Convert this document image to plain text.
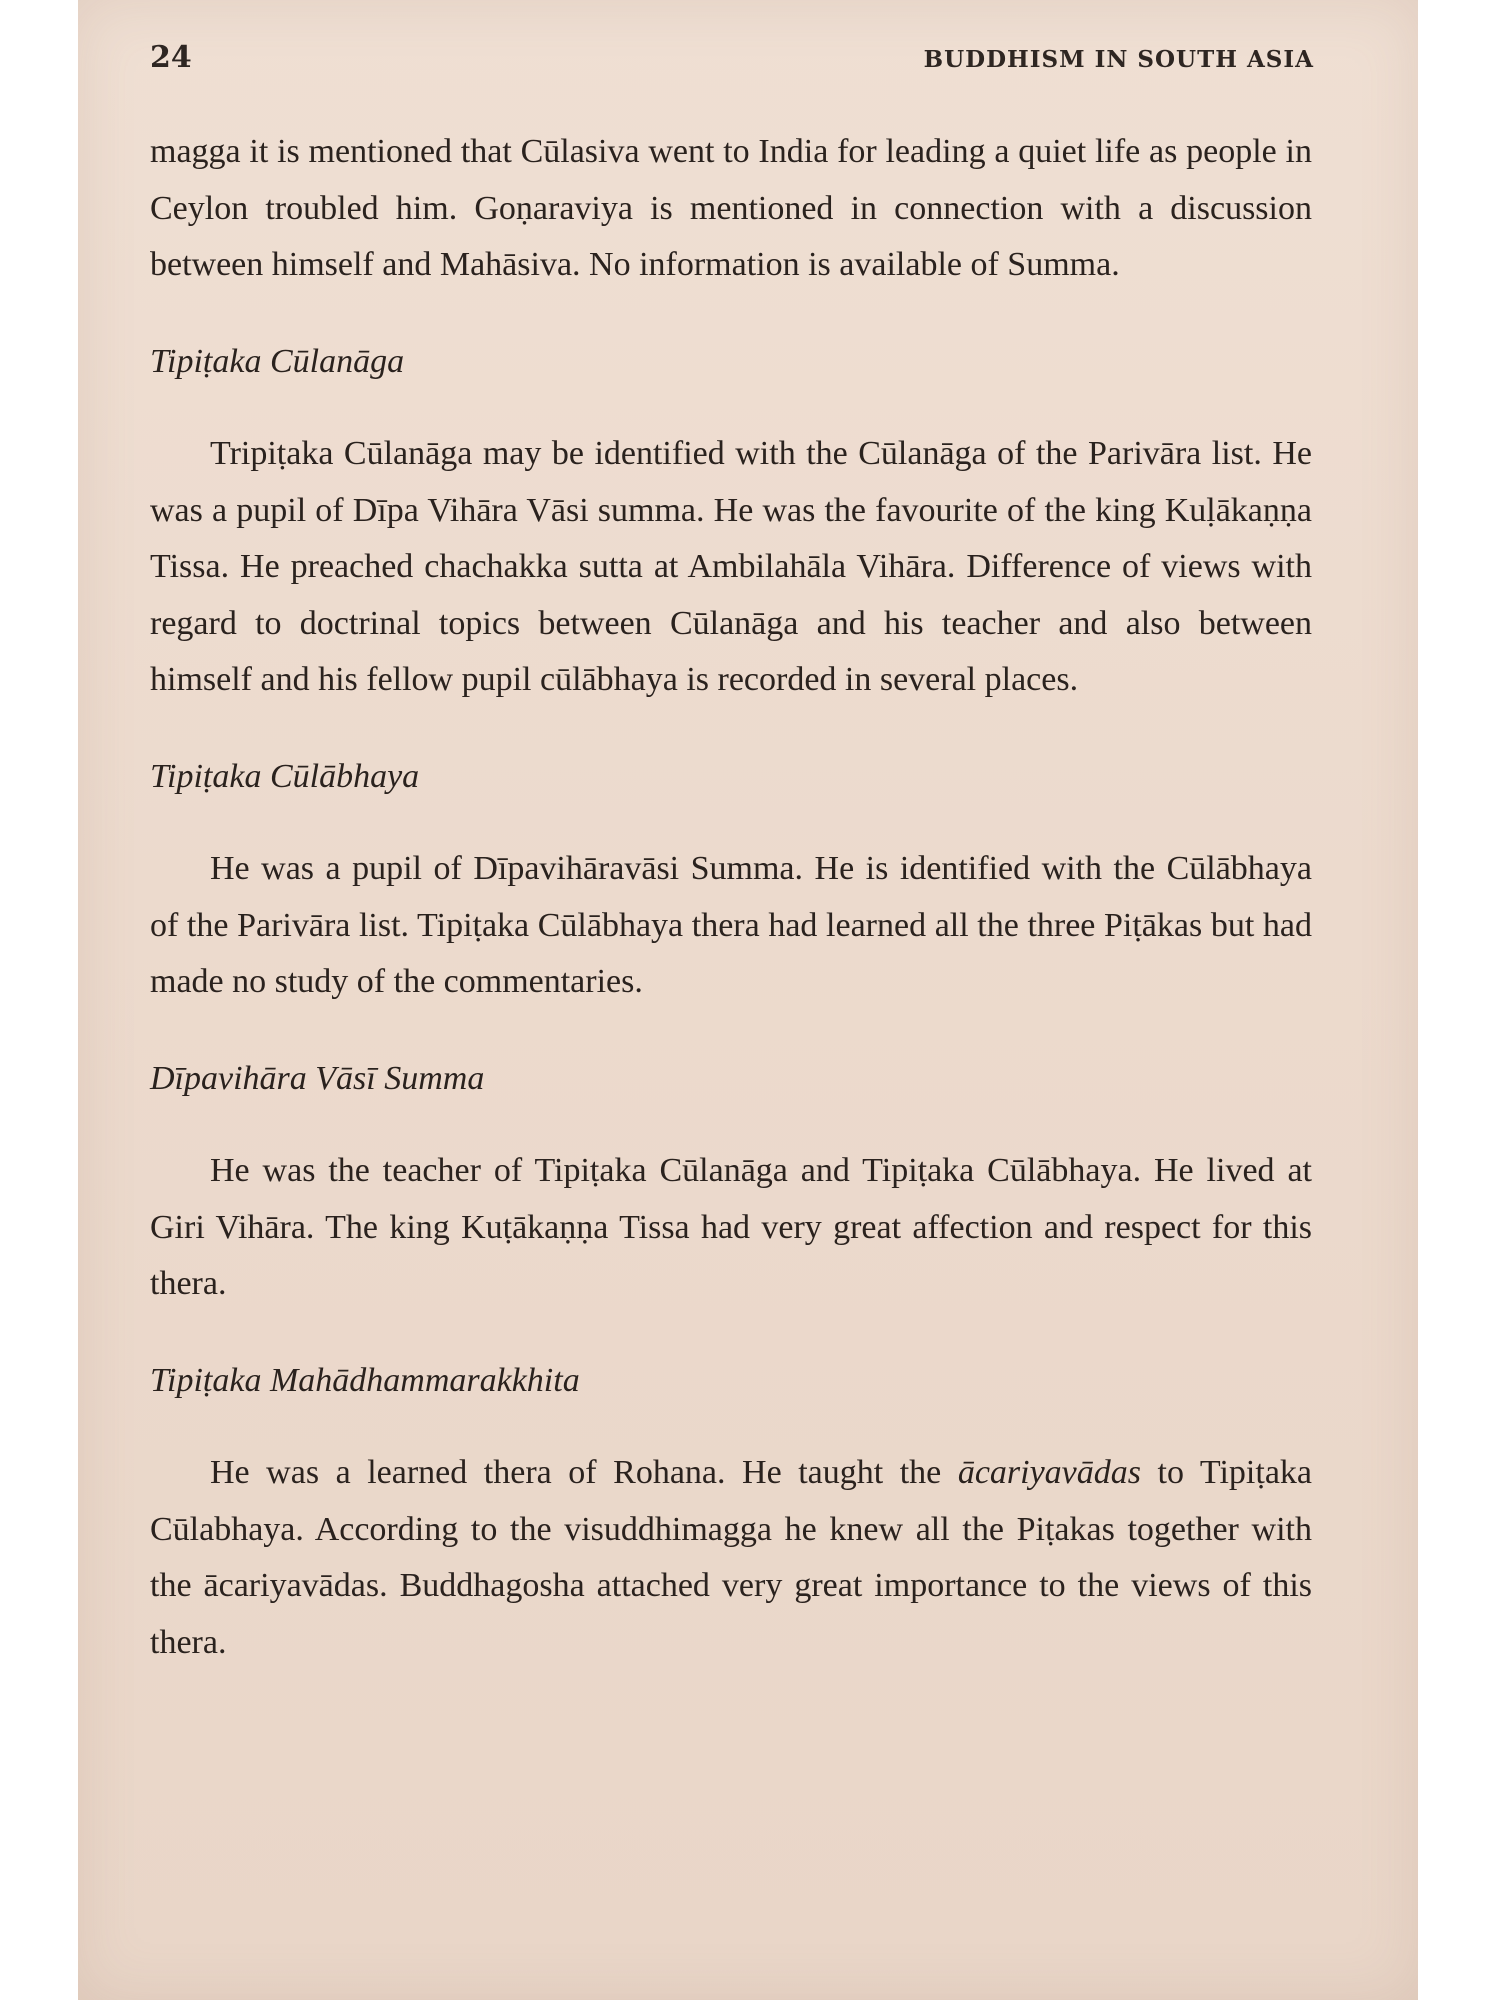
24	BUDDHISM IN SOUTH ASIA

magga it is mentioned that Cūlasiva went to India for leading a quiet life as people in Ceylon troubled him. Goṇaraviya is mentioned in connection with a discussion between himself and Mahāsiva. No information is available of Summa.

Tipiṭaka Cūlanāga

Tripiṭaka Cūlanāga may be identified with the Cūlanāga of the Parivāra list. He was a pupil of Dīpa Vihāra Vāsi summa. He was the favourite of the king Kuḷākaṇṇa Tissa. He preached chachakka sutta at Ambilahāla Vihāra. Difference of views with regard to doctrinal topics between Cūlanāga and his teacher and also between himself and his fellow pupil cūlābhaya is recorded in several places.

Tipiṭaka Cūlābhaya

He was a pupil of Dīpavihāravāsi Summa. He is identified with the Cūlābhaya of the Parivāra list. Tipiṭaka Cūlābhaya thera had learned all the three Piṭākas but had made no study of the commentaries.

Dīpavihāra Vāsī Summa

He was the teacher of Tipiṭaka Cūlanāga and Tipiṭaka Cūlābhaya. He lived at Giri Vihāra. The king Kuṭākaṇṇa Tissa had very great affection and respect for this thera.

Tipiṭaka Mahādhammarakkhita

He was a learned thera of Rohana. He taught the ācariyavādas to Tipiṭaka Cūlabhaya. According to the visuddhimagga he knew all the Piṭakas together with the ācariyavādas. Buddhagosha attached very great importance to the views of this thera.
